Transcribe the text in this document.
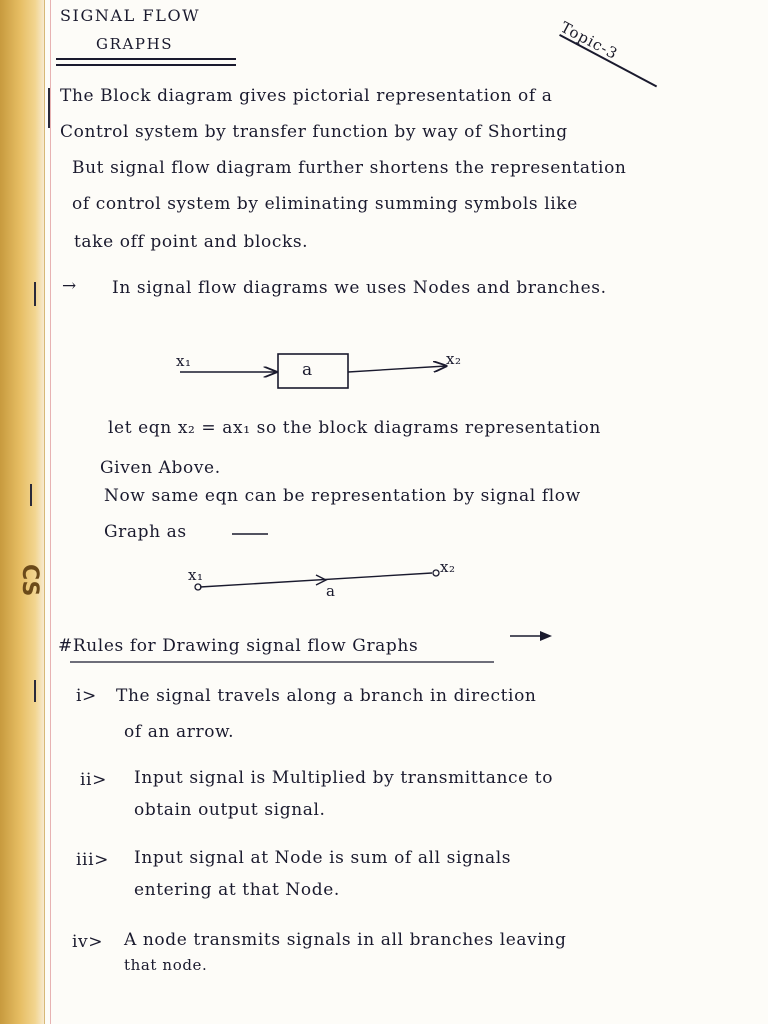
CS
SIGNAL FLOW
GRAPHS	Topic-3
The Block diagram gives pictorial representation of a
Control system by transfer function by way of Shorting
But signal flow diagram further shortens the representation
of control system by eliminating summing symbols like
take off point and blocks.
→ In signal flow diagrams we uses Nodes and branches.
x₁	a
x₂
let eqn x₂ = ax₁ so the block diagrams representation
Given Above.
Now same eqn can be representation by signal flow
Graph as
x₁
a
x₂
#Rules for Drawing signal flow Graphs
i> The signal travels along a branch in direction
of an arrow.
ii> Input signal is Multiplied by transmittance to
obtain output signal.
iii> Input signal at Node is sum of all signals
entering at that Node.
iv> A node transmits signals in all branches leaving
that node.
